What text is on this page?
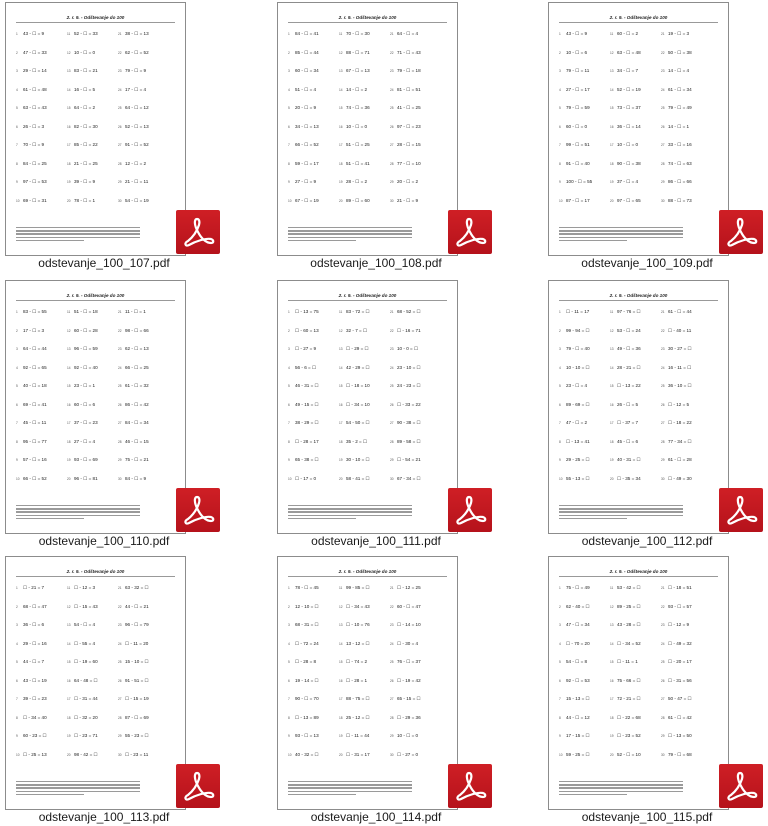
2. r. 9. - Odštevanje do 100
1	43 - ☐ = 9
2	47 - ☐ = 33
3	29 - ☐ = 14
4	61 - ☐ = 48
5	63 - ☐ = 43
6	26 - ☐ = 3
7	70 - ☐ = 9
8	84 - ☐ = 25
9	97 - ☐ = 53
10 69 - ☐ = 31
11 52 - ☐ = 33
12 10 - ☐ = 0
13 83 - ☐ = 21
14 16 - ☐ = 5
15 64 - ☐ = 2
16 82 - ☐ = 30
17 85 - ☐ = 22
18 21 - ☐ = 25
19 39 - ☐ = 9
20 78 - ☐ = 1
21 38 - ☐ = 13
22 62 - ☐ = 52
23 79 - ☐ = 9
24 17 - ☐ = 4
25 64 - ☐ = 12
26 52 - ☐ = 13
27 91 - ☐ = 52
28 12 - ☐ = 2
29 21 - ☐ = 11
30 54 - ☐ = 19
odstevanje_100_107.pdf
2. r. 9. - Odštevanje do 100
1	84 - ☐ = 41
2	85 - ☐ = 44
3	60 - ☐ = 34
4	51 - ☐ = 4
5	20 - ☐ = 9
6	34 - ☐ = 13
7	66 - ☐ = 52
8	59 - ☐ = 17
9	27 - ☐ = 9
10 67 - ☐ = 19
11 70 - ☐ = 30
12 88 - ☐ = 71
13 67 - ☐ = 13
14 14 - ☐ = 2
15 74 - ☐ = 36
16 10 - ☐ = 0
17 51 - ☐ = 25
18 51 - ☐ = 41
19 28 - ☐ = 2
20 89 - ☐ = 60
21 64 - ☐ = 4
22 71 - ☐ = 43
23 79 - ☐ = 18
24 81 - ☐ = 51
25 41 - ☐ = 25
26 97 - ☐ = 23
27 28 - ☐ = 15
28 77 - ☐ = 10
29 20 - ☐ = 2
30 21 - ☐ = 9
odstevanje_100_108.pdf
2. r. 9. - Odštevanje do 100
1	43 - ☐ = 9
2	10 - ☐ = 6
3	79 - ☐ = 11
4	27 - ☐ = 17
5	79 - ☐ = 59
6	60 - ☐ = 0
7	99 - ☐ = 51
8	91 - ☐ = 40
9	100 - ☐ = 55
10 87 - ☐ = 17
11 60 - ☐ = 2
12 63 - ☐ = 48
13 34 - ☐ = 7
14 52 - ☐ = 19
15 73 - ☐ = 37
16 36 - ☐ = 14
17 10 - ☐ = 0
18 90 - ☐ = 38
19 37 - ☐ = 4
20 97 - ☐ = 65
21 19 - ☐ = 3
22 50 - ☐ = 38
23 14 - ☐ = 4
24 61 - ☐ = 34
25 79 - ☐ = 49
26 14 - ☐ = 1
27 33 - ☐ = 16
28 74 - ☐ = 63
29 86 - ☐ = 66
30 88 - ☐ = 73
odstevanje_100_109.pdf
2. r. 9. - Odštevanje do 100
1	83 - ☐ = 55
2	17 - ☐ = 3
3	64 - ☐ = 44
4	92 - ☐ = 65
5	40 - ☐ = 18
6	69 - ☐ = 41
7	45 - ☐ = 11
8	95 - ☐ = 77
9	57 - ☐ = 16
10 66 - ☐ = 52
11 51 - ☐ = 18
12 60 - ☐ = 28
13 96 - ☐ = 59
14 92 - ☐ = 40
15 23 - ☐ = 1
16 60 - ☐ = 6
17 37 - ☐ = 23
18 27 - ☐ = 4
19 93 - ☐ = 69
20 96 - ☐ = 81
21 11 - ☐ = 1
22 98 - ☐ = 66
23 62 - ☐ = 13
24 66 - ☐ = 25
25 61 - ☐ = 32
26 86 - ☐ = 42
27 84 - ☐ = 34
28 46 - ☐ = 15
29 75 - ☐ = 21
30 84 - ☐ = 9
odstevanje_100_110.pdf
2. r. 9. - Odštevanje do 100
1	☐ - 13 = 75
2	☐ - 60 = 13
3	☐ - 27 = 9
4	56 - 6 = ☐
5	46 - 31 = ☐
6	49 - 15 = ☐
7	38 - 29 = ☐
8	☐ - 28 = 17
9	65 - 38 = ☐
10 ☐ - 17 = 0
11 83 - 72 = ☐
12 32 - 7 = ☐
13 ☐ - 29 = ☐
14 42 - 29 = ☐
15 ☐ - 18 = 10
16 ☐ - 34 = 10
17 54 - 50 = ☐
18 35 - 2 = ☐
19 30 - 10 = ☐
20 58 - 41 = ☐
21 68 - 52 = ☐
22 ☐ - 16 = 71
23 10 - 0 = ☐
24 23 - 10 = ☐
25 24 - 23 = ☐
26 ☐ - 33 = 22
27 90 - 38 = ☐
28 89 - 58 = ☐
29 ☐ - 54 = 21
30 67 - 34 = ☐
odstevanje_100_111.pdf
2. r. 9. - Odštevanje do 100
1	☐ - 11 = 17
2	99 - 94 = ☐
3	79 - ☐ = 40
4	10 - 10 = ☐
5	23 - ☐ = 4
6	89 - 69 = ☐
7	47 - ☐ = 2
8	☐ - 13 = 41
9	29 - 25 = ☐
10 55 - 13 = ☐
11 97 - 76 = ☐
12 53 - ☐ = 24
13 49 - ☐ = 36
14 28 - 21 = ☐
15 ☐ - 13 = 22
16 26 - ☐ = 5
17 ☐ - 37 = 7
18 45 - ☐ = 6
19 40 - 31 = ☐
20 ☐ - 35 = 34
21 61 - ☐ = 44
22 ☐ - 40 = 11
23 30 - 27 = ☐
24 16 - 11 = ☐
25 36 - 10 = ☐
26 ☐ - 12 = 5
27 ☐ - 18 = 22
28 77 - 34 = ☐
29 61 - ☐ = 28
30 ☐ - 49 = 30
odstevanje_100_112.pdf
2. r. 9. - Odštevanje do 100
1	☐ - 21 = 7
2	68 - ☐ = 47
3	36 - ☐ = 6
4	29 - ☐ = 16
5	44 - ☐ = 7
6	43 - ☐ = 19
7	39 - ☐ = 23
8	☐ - 34 = 40
9	60 - 23 = ☐
10 ☐ - 25 = 13
11 ☐ - 12 = 3
12 ☐ - 15 = 43
13 54 - ☐ = 4
14 ☐ - 55 = 4
15 ☐ - 19 = 60
16 64 - 48 = ☐
17 ☐ - 31 = 44
18 ☐ - 32 = 20
19 ☐ - 23 = 71
20 98 - 42 = ☐
21 63 - 32 = ☐
22 44 - ☐ = 21
23 96 - ☐ = 79
24 ☐ - 11 = 20
25 15 - 10 = ☐
26 91 - 51 = ☐
27 ☐ - 15 = 19
28 87 - ☐ = 69
29 55 - 23 = ☐
30 ☐ - 23 = 11
odstevanje_100_113.pdf
2. r. 9. - Odštevanje do 100
1	78 - ☐ = 45
2	12 - 10 = ☐
3	68 - 31 = ☐
4	☐ - 72 = 24
5	☐ - 28 = 8
6	19 - 14 = ☐
7	90 - ☐ = 70
8	☐ - 13 = 89
9	93 - ☐ = 13
10 40 - 32 = ☐
11 99 - 85 = ☐
12 ☐ - 34 = 43
13 ☐ - 10 = 76
14 13 - 12 = ☐
15 ☐ - 74 = 2
16 ☐ - 28 = 1
17 88 - 75 = ☐
18 25 - 12 = ☐
19 ☐ - 11 = 44
20 ☐ - 31 = 17
21 ☐ - 12 = 25
22 60 - ☐ = 47
23 ☐ - 14 = 10
24 ☐ - 30 = 4
25 76 - ☐ = 37
26 ☐ - 19 = 42
27 65 - 15 = ☐
28 ☐ - 29 = 36
29 10 - ☐ = 0
30 ☐ - 27 = 0
odstevanje_100_114.pdf
2. r. 9. - Odštevanje do 100
1	75 - ☐ = 49
2	62 - 40 = ☐
3	47 - ☐ = 34
4	☐ - 70 = 20
5	54 - ☐ = 8
6	92 - ☐ = 53
7	15 - 13 = ☐
8	44 - ☐ = 12
9	17 - 15 = ☐
10 59 - 25 = ☐
11 53 - 42 = ☐
12 89 - 25 = ☐
13 43 - 28 = ☐
14 ☐ - 34 = 52
15 ☐ - 11 = 1
16 75 - 66 = ☐
17 72 - 21 = ☐
18 ☐ - 22 = 68
19 ☐ - 23 = 52
20 52 - ☐ = 10
21 ☐ - 18 = 51
22 93 - ☐ = 57
23 ☐ - 12 = 9
24 ☐ - 49 = 32
25 ☐ - 20 = 17
26 ☐ - 31 = 56
27 50 - 47 = ☐
28 61 - ☐ = 42
29 ☐ - 13 = 50
30 79 - ☐ = 68
odstevanje_100_115.pdf
